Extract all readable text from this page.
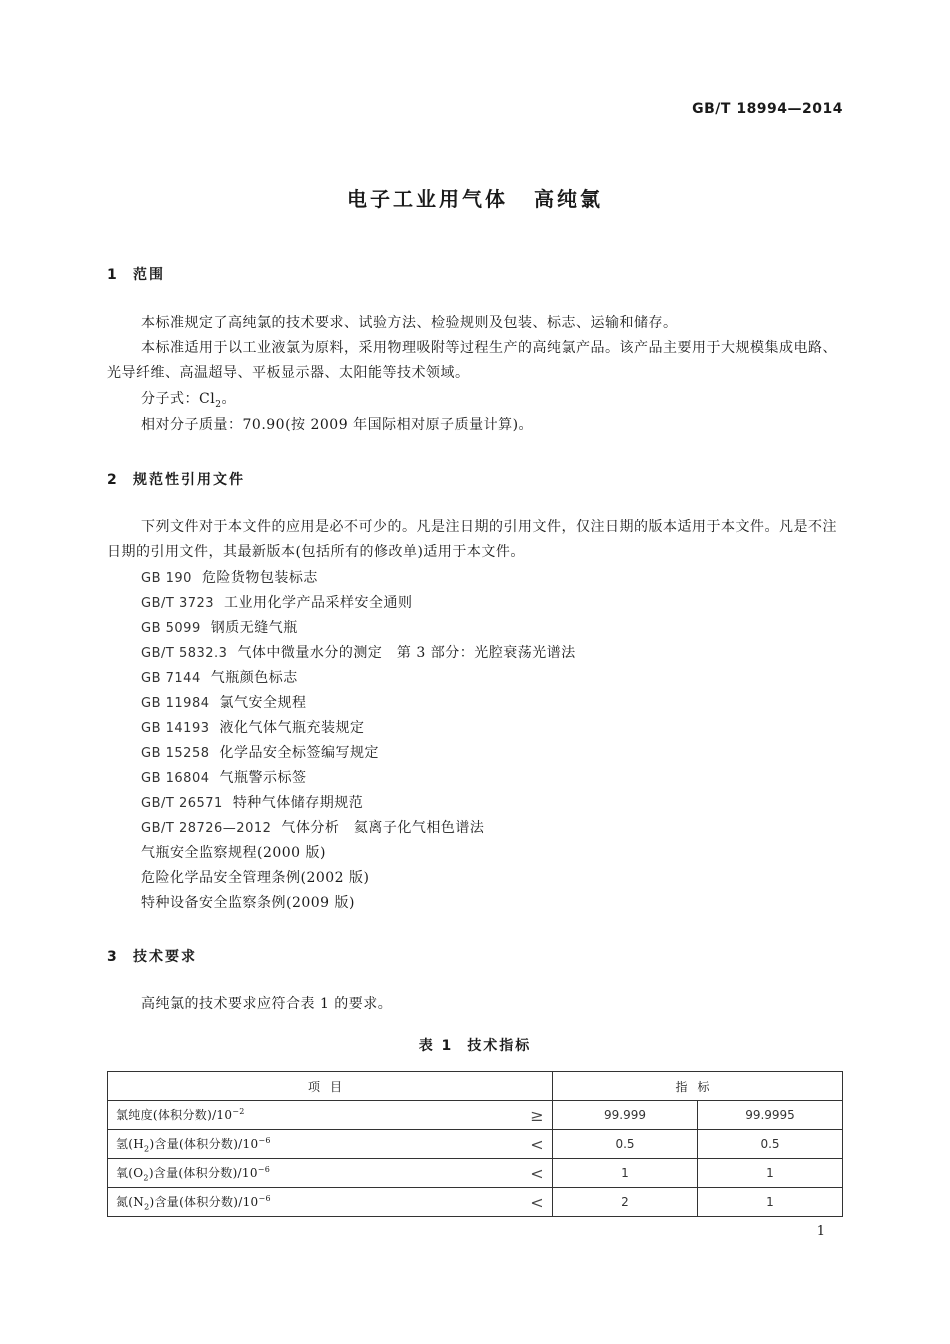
GB/T 18994—2014
电子工业用气体 高纯氯
1 范围
本标准规定了高纯氯的技术要求、试验方法、检验规则及包装、标志、运输和储存。
本标准适用于以工业液氯为原料，采用物理吸附等过程生产的高纯氯产品。该产品主要用于大规模集成电路、光导纤维、高温超导、平板显示器、太阳能等技术领域。
分子式：$Cl_2$。
相对分子质量：70.90(按 2009 年国际相对原子质量计算)。
2 规范性引用文件
下列文件对于本文件的应用是必不可少的。凡是注日期的引用文件，仅注日期的版本适用于本文件。凡是不注日期的引用文件，其最新版本(包括所有的修改单)适用于本文件。
GB 190 危险货物包装标志
GB/T 3723 工业用化学产品采样安全通则
GB 5099 钢质无缝气瓶
GB/T 5832.3 气体中微量水分的测定　第 3 部分：光腔衰荡光谱法
GB 7144 气瓶颜色标志
GB 11984 氯气安全规程
GB 14193 液化气体气瓶充装规定
GB 15258 化学品安全标签编写规定
GB 16804 气瓶警示标签
GB/T 26571 特种气体储存期规范
GB/T 28726—2012 气体分析　氦离子化气相色谱法
气瓶安全监察规程(2000 版)
危险化学品安全管理条例(2002 版)
特种设备安全监察条例(2009 版)
3 技术要求
高纯氯的技术要求应符合表 1 的要求。
表 1 技术指标
项目	指标	
氯纯度(体积分数)$/10^{-2}$ ≥	99.999	99.9995
氢$(H_2)$含量(体积分数)$/10^{-6}$ <	0.5	0.5
氧$(O_2)$含量(体积分数)$/10^{-6}$ <	1	1
氮$(N_2)$含量(体积分数)$/10^{-6}$ <	2	1
1
